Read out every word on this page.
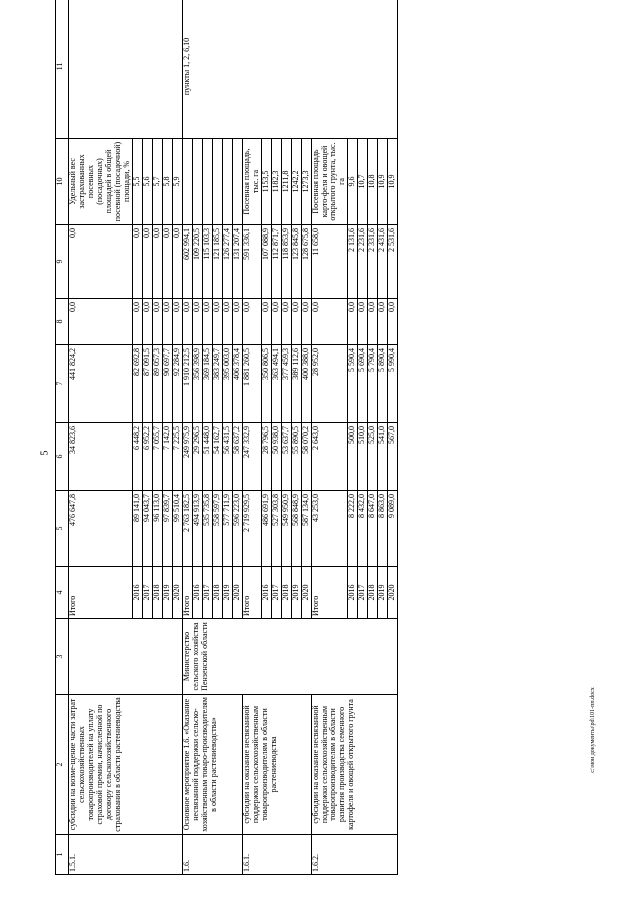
5
1	2	3	4	5	6	7	8	9	10	11
1.5.1.	субсидии на возме-щение части затрат сельскохозяйственных товаропроизводителей на уплату страховой премии, начисленной по договору сельскохозяйственного страхования в области растениеводства		Итого	476 647,8	34 823,6	441 824,2	0,0	0,0	Удельный вес застрахованных посевных (посадочных) площадей в общей посевной (посадочной) площади, %	
			2016	89 141,0	6 448,2	82 692,8	0,0	0,0	5,5	
			2017	94 043,7	6 952,2	87 091,5	0,0	0,0	5,6	
			2018	96 113,0	7 055,7	89 057,3	0,0	0,0	5,7	
			2019	97 839,7	7 142,0	90 697,7	0,0	0,0	5,8	
			2020	99 510,4	7 225,5	92 284,9	0,0	0,0	5,9	
1.6.	Основное мероприятие 1.6. «Оказание несвязанной поддержки сельско-хозяйственным товаро-производителям в области растениеводства»	Министерство сельского хозяйства Пензенской области	Итого	2 763 182,5	249 975,9	1 910 212,5	0,0	602 994,1		пункты 1, 2, 6,10
			2016	494 913,9	29 296,5	356 398,9	0,0	109 220,5		
			2017	535 735,8	51 448,0	369 184,5	0,0	115 103,3		
			2018	558 597,9	54 162,7	383 249,7	0,0	121 185,5		
			2019	577 711,9	56 431,5	395 003,0	0,0	126 277,4		
			2020	596 223,0	58 637,2	406 378,4	0,0	131 207,4		
1.6.1.	субсидии на оказание несвязанной поддержки сельскохозяйственным товаропроизводителям в области растениеводства		Итого	2 719 929,5	247 332,9	1 881 260,5	0,0	591 336,1	Посевная площадь, тыс. га	
			2016	486 691,9	28 796,5	350 806,5	0,0	107 088,9	1153,5	
			2017	527 303,8	50 938,0	363 494,1	0,0	112 871,7	1182,3	
			2018	549 950,9	53 637,7	377 459,3	0,0	118 853,9	1211,8	
			2019	568 848,9	55 890,5	389 112,6	0,0	123 845,8	1242,2	
			2020	587 134,0	58 070,2	400 388,0	0,0	128 675,8	1273,3	
1.6.2.	субсидии на оказание несвязанной поддержки сельскохозяйственным товаропроизводителям в области развития производства семенного картофеля и овощей открытого грунта		Итого	43 253,0	2 643,0	28 952,0	0,0	11 658,0	Посевная площадь карто-феля и овощей открытого грунта, тыс. га	
			2016	8 222,0	500,0	5 590,4	0,0	2 131,6	9,6	
			2017	8 432,0	510,0	5 690,4	0,0	2 231,6	10,7	
			2018	8 647,0	525,0	5 790,4	0,0	2 331,6	10,8	
			2019	8 863,0	541,0	5 890,4	0,0	2 431,6	10,9	
			2020	9 089,0	567,0	5 990,4	0,0	2 531,6	10,9	
c:\мои документы\pd\101-пп.docx
